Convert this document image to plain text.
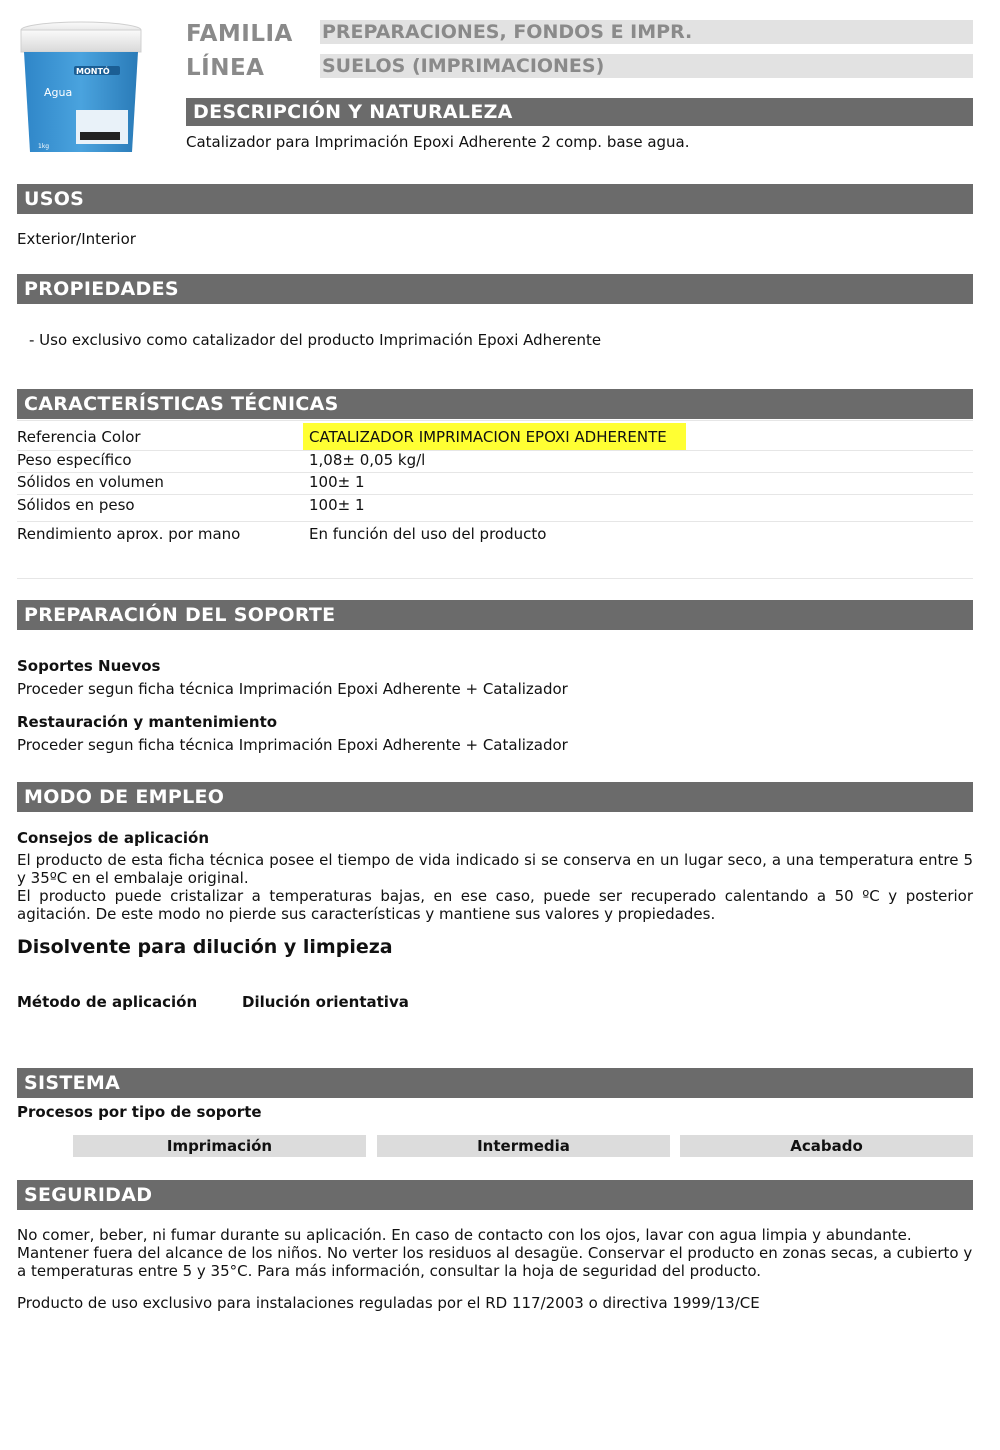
MONTÓ
Agua
1kg
FAMILIA PREPARACIONES, FONDOS E IMPR.
LÍNEA	SUELOS (IMPRIMACIONES)
DESCRIPCIÓN Y NATURALEZA
Catalizador para Imprimación Epoxi Adherente 2 comp. base agua.
USOS
Exterior/Interior
PROPIEDADES
- Uso exclusivo como catalizador del producto Imprimación Epoxi Adherente
CARACTERÍSTICAS TÉCNICAS
Referencia Color	CATALIZADOR IMPRIMACION EPOXI ADHERENTE
Peso específico	1,08± 0,05 kg/l
Sólidos en volumen	100± 1
Sólidos en peso	100± 1
Rendimiento aprox. por mano	En función del uso del producto
PREPARACIÓN DEL SOPORTE
Soportes Nuevos
Proceder segun ficha técnica Imprimación Epoxi Adherente + Catalizador
Restauración y mantenimiento
Proceder segun ficha técnica Imprimación Epoxi Adherente + Catalizador
MODO DE EMPLEO
Consejos de aplicación
El producto de esta ficha técnica posee el tiempo de vida indicado si se conserva en un lugar seco, a una temperatura entre 5 y 35ºC en el embalaje original.
El producto puede cristalizar a temperaturas bajas, en ese caso, puede ser recuperado calentando a 50 ºC y posterior agitación. De este modo no pierde sus características y mantiene sus valores y propiedades.
Disolvente para dilución y limpieza
Método de aplicación	Dilución orientativa
SISTEMA
Procesos por tipo de soporte
Imprimación	Intermedia	Acabado
SEGURIDAD
No comer, beber, ni fumar durante su aplicación. En caso de contacto con los ojos, lavar con agua limpia y abundante. Mantener fuera del alcance de los niños. No verter los residuos al desagüe. Conservar el producto en zonas secas, a cubierto y a temperaturas entre 5 y 35°C. Para más información, consultar la hoja de seguridad del producto.
Producto de uso exclusivo para instalaciones reguladas por el RD 117/2003 o directiva 1999/13/CE
